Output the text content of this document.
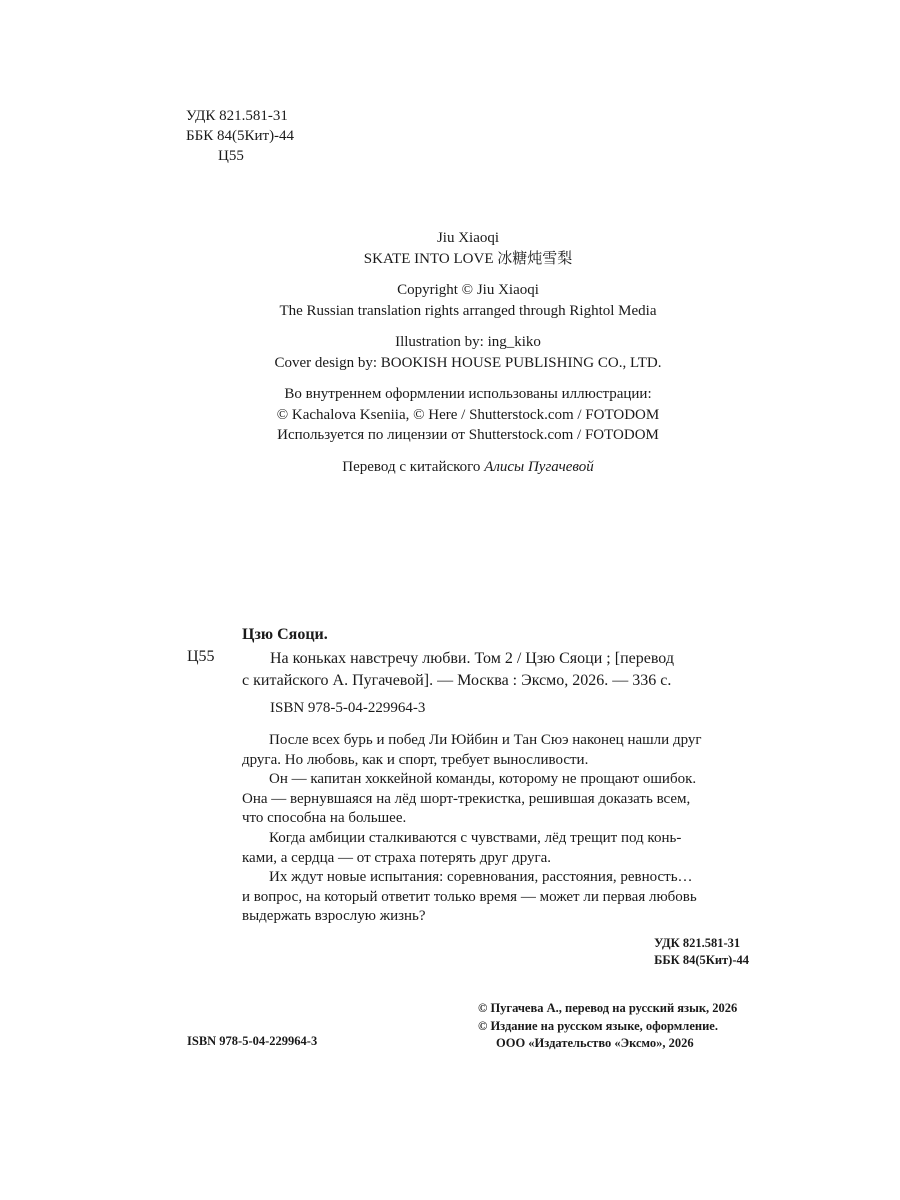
УДК 821.581-31
ББК 84(5Кит)-44
Ц55
Jiu Xiaoqi
SKATE INTO LOVE 冰糖炖雪梨
Copyright © Jiu Xiaoqi
The Russian translation rights arranged through Rightol Media
Illustration by: ing_kiko
Cover design by: BOOKISH HOUSE PUBLISHING CO., LTD.
Во внутреннем оформлении использованы иллюстрации:
© Kachalova Kseniia, © Here / Shutterstock.com / FOTODOM
Используется по лицензии от Shutterstock.com / FOTODOM
Перевод с китайского Алисы Пугачевой
Цзю Сяоци.
Ц55	На коньках навстречу любви. Том 2 / Цзю Сяоци ; [перевод
с китайского А. Пугачевой]. — Москва : Эксмо, 2026. — 336 с.
ISBN 978-5-04-229964-3
После всех бурь и побед Ли Юйбин и Тан Сюэ наконец нашли друг
друга. Но любовь, как и спорт, требует выносливости.
Он — капитан хоккейной команды, которому не прощают ошибок.
Она — вернувшаяся на лёд шорт-трекистка, решившая доказать всем,
что способна на большее.
Когда амбиции сталкиваются с чувствами, лёд трещит под конь-
ками, а сердца — от страха потерять друг друга.
Их ждут новые испытания: соревнования, расстояния, ревность…
и вопрос, на который ответит только время — может ли первая любовь
выдержать взрослую жизнь?
УДК 821.581-31
ББК 84(5Кит)-44
© Пугачева А., перевод на русский язык, 2026
© Издание на русском языке, оформление.
ООО «Издательство «Эксмо», 2026
ISBN 978-5-04-229964-3
